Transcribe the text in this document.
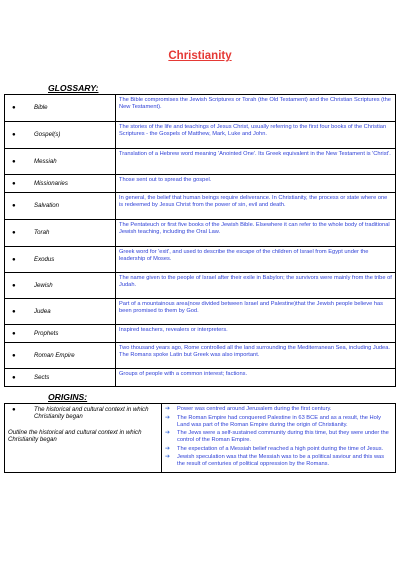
Christianity
GLOSSARY:
● Bible	The Bible compromises the Jewish Scriptures or Torah (the Old Testament) and the Christian Scriptures (the New Testament).
● Gospel(s)	The stories of the life and teachings of Jesus Christ, usually referring to the first four books of the Christian Scriptures - the Gospels of Matthew, Mark, Luke and John.
● Messiah	Translation of a Hebrew word meaning 'Anointed One'. Its Greek equivalent in the New Testament is 'Christ'.
● Missionaries	Those sent out to spread the gospel.
● Salvation	In general, the belief that human beings require deliverance. In Christianity, the process or state where one is redeemed by Jesus Christ from the power of sin, evil and death.
● Torah	The Pentateuch or first five books of the Jewish Bible. Elsewhere it can refer to the whole body of traditional Jewish teaching, including the Oral Law.
● Exodus	Greek word for 'exit', and used to describe the escape of the children of Israel from Egypt under the leadership of Moses.
● Jewish	The name given to the people of Israel after their exile in Babylon; the survivors were mainly from the tribe of Judah.
● Judea	Part of a mountainous area(now divided between Israel and Palestine)that the Jewish people believe has been promised to them by God.
● Prophets	Inspired teachers, revealers or interpreters.
● Roman Empire	Two thousand years ago, Rome controlled all the land surrounding the Mediterranean Sea, including Judea. The Romans spoke Latin but Greek was also important.
● Sects	Groups of people with a common interest; factions.
ORIGINS:
●	The historical and cultural context in which Christianity began
Outline the historical and cultural context in which Christianity began

➔	Power was centred around Jerusalem during the first century.
➔	The Roman Empire had conquered Palestine in 63 BCE and as a result, the Holy Land was part of the Roman Empire during the origin of Christianity.
➔	The Jews were a self-sustained community during this time, but they were under the control of the Roman Empire.
➔	The expectation of a Messiah belief reached a high point during the time of Jesus.
➔	Jewish speculation was that the Messiah was to be a political saviour and this was the result of centuries of political oppression by the Romans.
